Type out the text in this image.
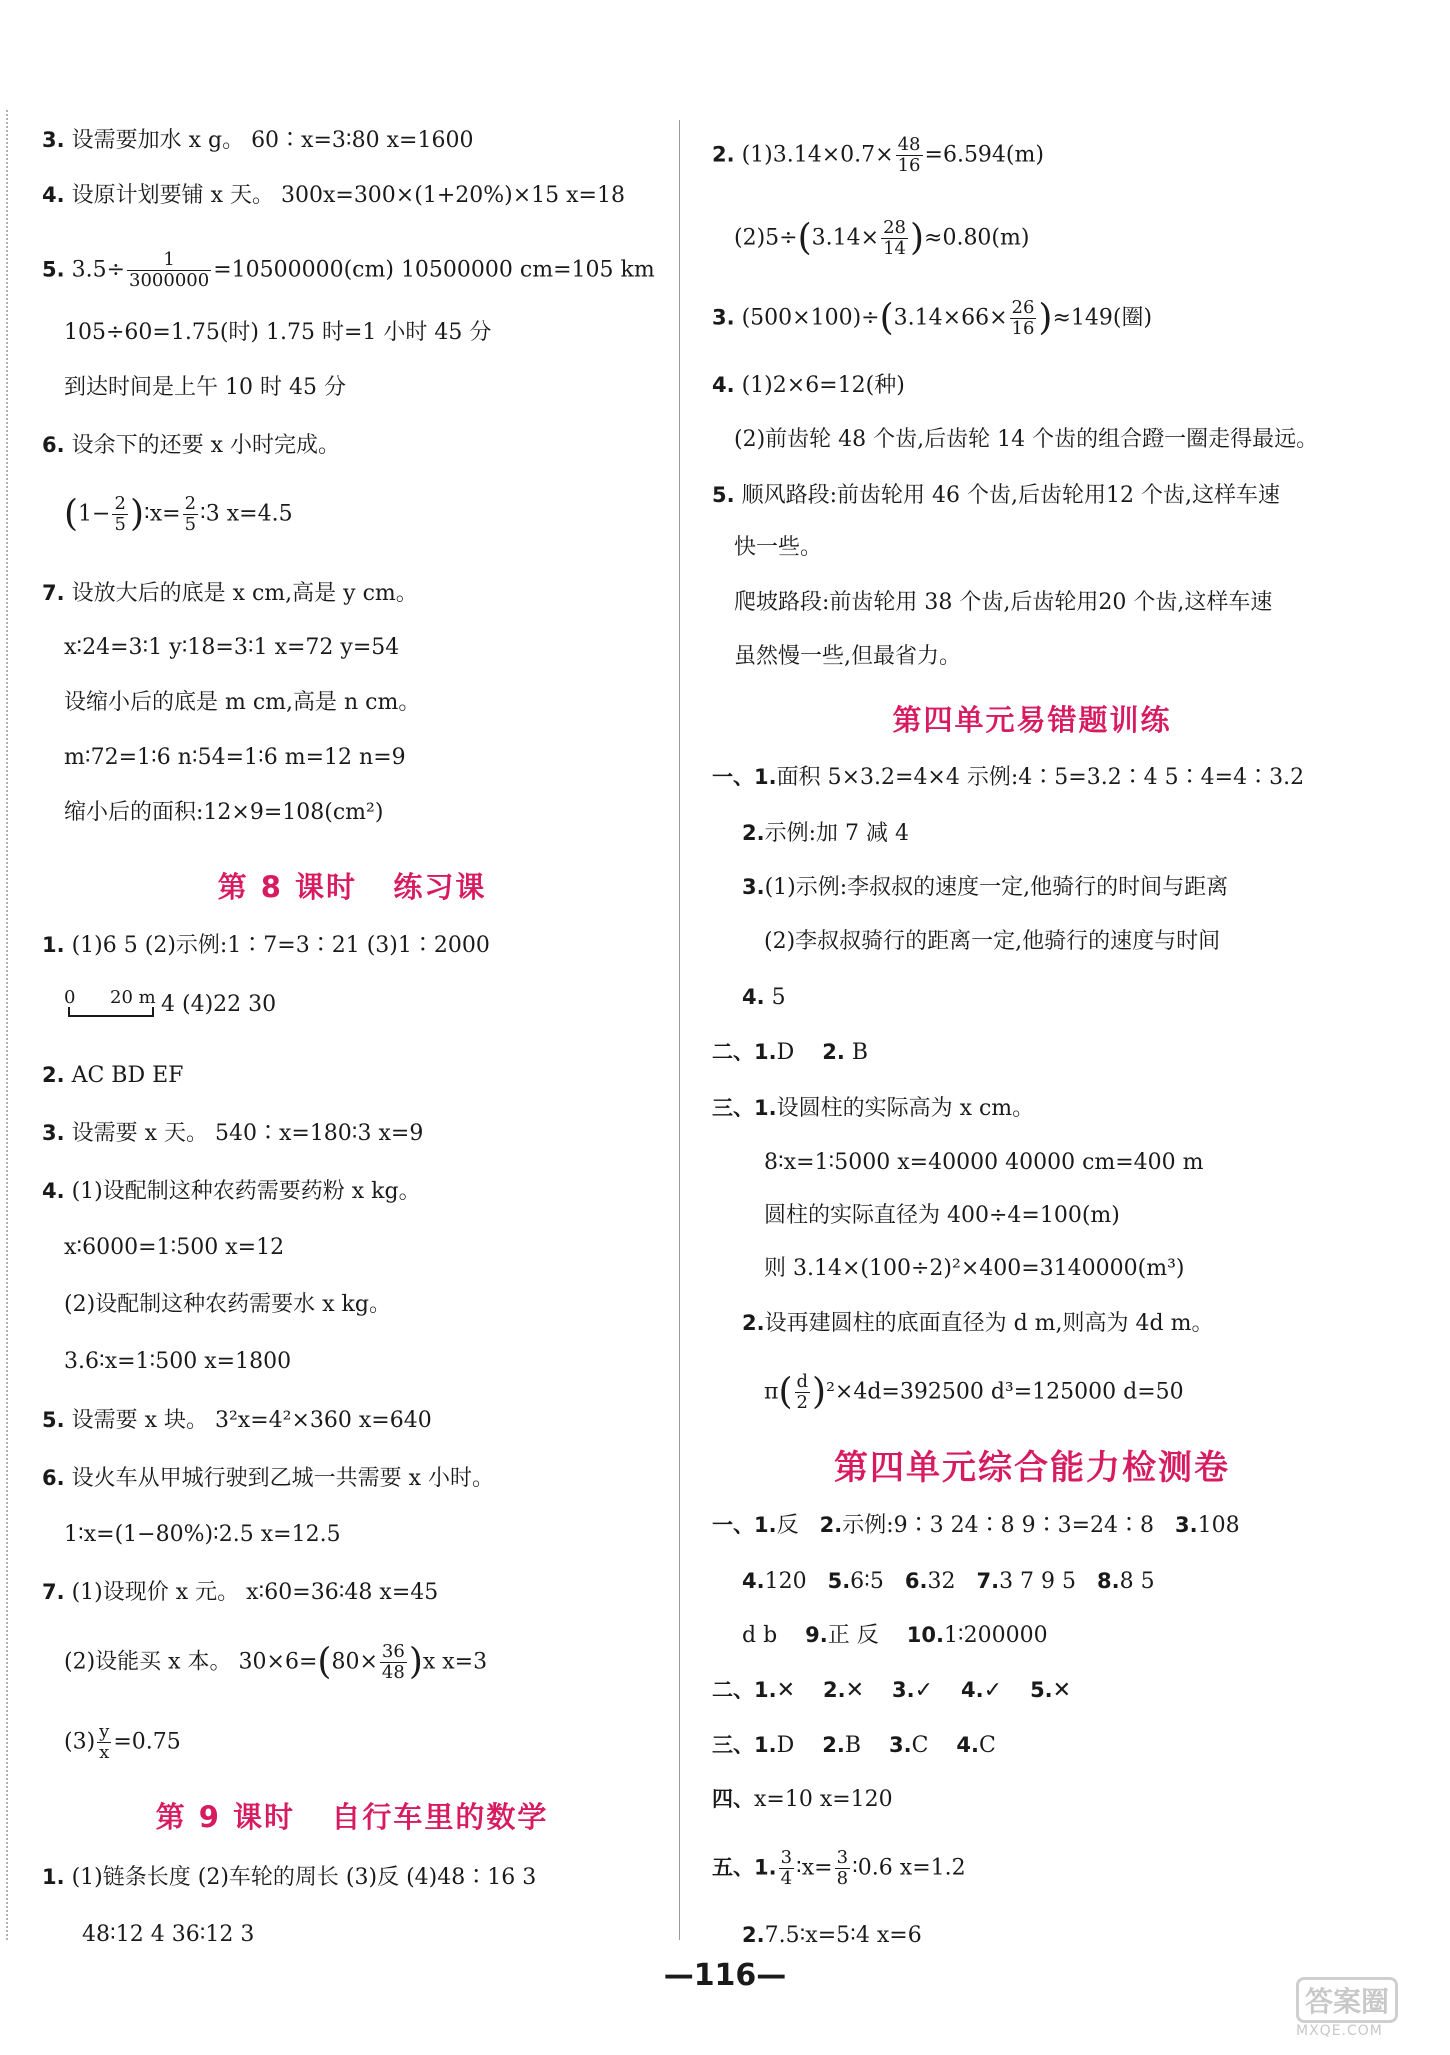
3. 设需要加水 x g。 60∶x=3∶80 x=1600
4. 设原计划要铺 x 天。 300x=300×(1+20%)×15 x=18
5. $3.5\div \frac{1}{3000000} =10500000(cm)$ 10500000 cm=105 km
105÷60=1.75(时) 1.75 时=1 小时 45 分
到达时间是上午 10 时 45 分
6. 设余下的还要 x 小时完成。
($1- \frac{2}{5}$ )∶x= $\frac{2}{5}$ ∶3 x=4.5
7. 设放大后的底是 x cm,高是 y cm。
x∶24=3∶1 y∶18=3∶1 x=72 y=54
设缩小后的底是 m cm,高是 n cm。
m∶72=1∶6 n∶54=1∶6 m=12 n=9
缩小后的面积:12×9=108(cm²)
第 8 课时   练习课
1. (1)6 5 (2)示例:1∶7=3∶21 (3)1∶2000
0 20 m 4 (4)22 30
2. AC BD EF
3. 设需要 x 天。 540∶x=180∶3 x=9
4. (1)设配制这种农药需要药粉 x kg。
x∶6000=1∶500 x=12
(2)设配制这种农药需要水 x kg。
3.6∶x=1∶500 x=1800
5. 设需要 x 块。 3²x=4²×360 x=640
6. 设火车从甲城行驶到乙城一共需要 x 小时。
1∶x=(1−80%)∶2.5 x=12.5
7. (1)设现价 x 元。 x∶60=36∶48 x=45
(2)设能买 x 本。 $30\times 6=(80\times \frac{36}{48} )x$ x=3
$(3) \frac{y}{x} =0.75$
第 9 课时   自行车里的数学
1. (1)链条长度 (2)车轮的周长 (3)反 (4)48∶16 3
48∶12 4 36∶12 3
2. $(1)3.14\times 0.7\times \frac{48}{16} =6.594(m)$
$(2)5\div(3.14\times \frac{28}{14} )\approx 0.80(m)$
3. $(500\times 100)\div(3.14\times 66\times \frac{26}{16} )\approx 149$(圈)
4. (1)2×6=12(种)
(2)前齿轮 48 个齿,后齿轮 14 个齿的组合蹬一圈走得最远。
5. 顺风路段:前齿轮用 46 个齿,后齿轮用12 个齿,这样车速
快一些。
爬坡路段:前齿轮用 38 个齿,后齿轮用20 个齿,这样车速
虽然慢一些,但最省力。
第四单元易错题训练
一、1.面积 5×3.2=4×4 示例:4∶5=3.2∶4 5∶4=4∶3.2
2.示例:加 7 减 4
3.(1)示例:李叔叔的速度一定,他骑行的时间与距离
(2)李叔叔骑行的距离一定,他骑行的速度与时间
4. 5
二、1.D 2. B
三、1.设圆柱的实际高为 x cm。
8∶x=1∶5000 x=40000 40000 cm=400 m
圆柱的实际直径为 400÷4=100(m)
则 3.14×(100÷2)²×400=3140000(m³)
2.设再建圆柱的底面直径为 d m,则高为 4d m。
$\pi( \frac{d}{2} )^2\times 4d=392500$ d³=125000 d=50
第四单元综合能力检测卷
一、1.反 2.示例:9∶3 24∶8 9∶3=24∶8 3.108
4.120 5.6∶5 6.32 7.3 7 9 5 8.8 5
d b 9.正 反 10.1∶200000
二、1.✕ 2.✕ 3.✓ 4.✓ 5.✕
三、1.D 2.B 3.C 4.C
四、x=10 x=120
五、1. $\frac{3}{4}$ ∶x= $\frac{3}{8}$ ∶0.6 x=1.2
2.7.5∶x=5∶4 x=6
—116—
答案圈
MXQE.COM
